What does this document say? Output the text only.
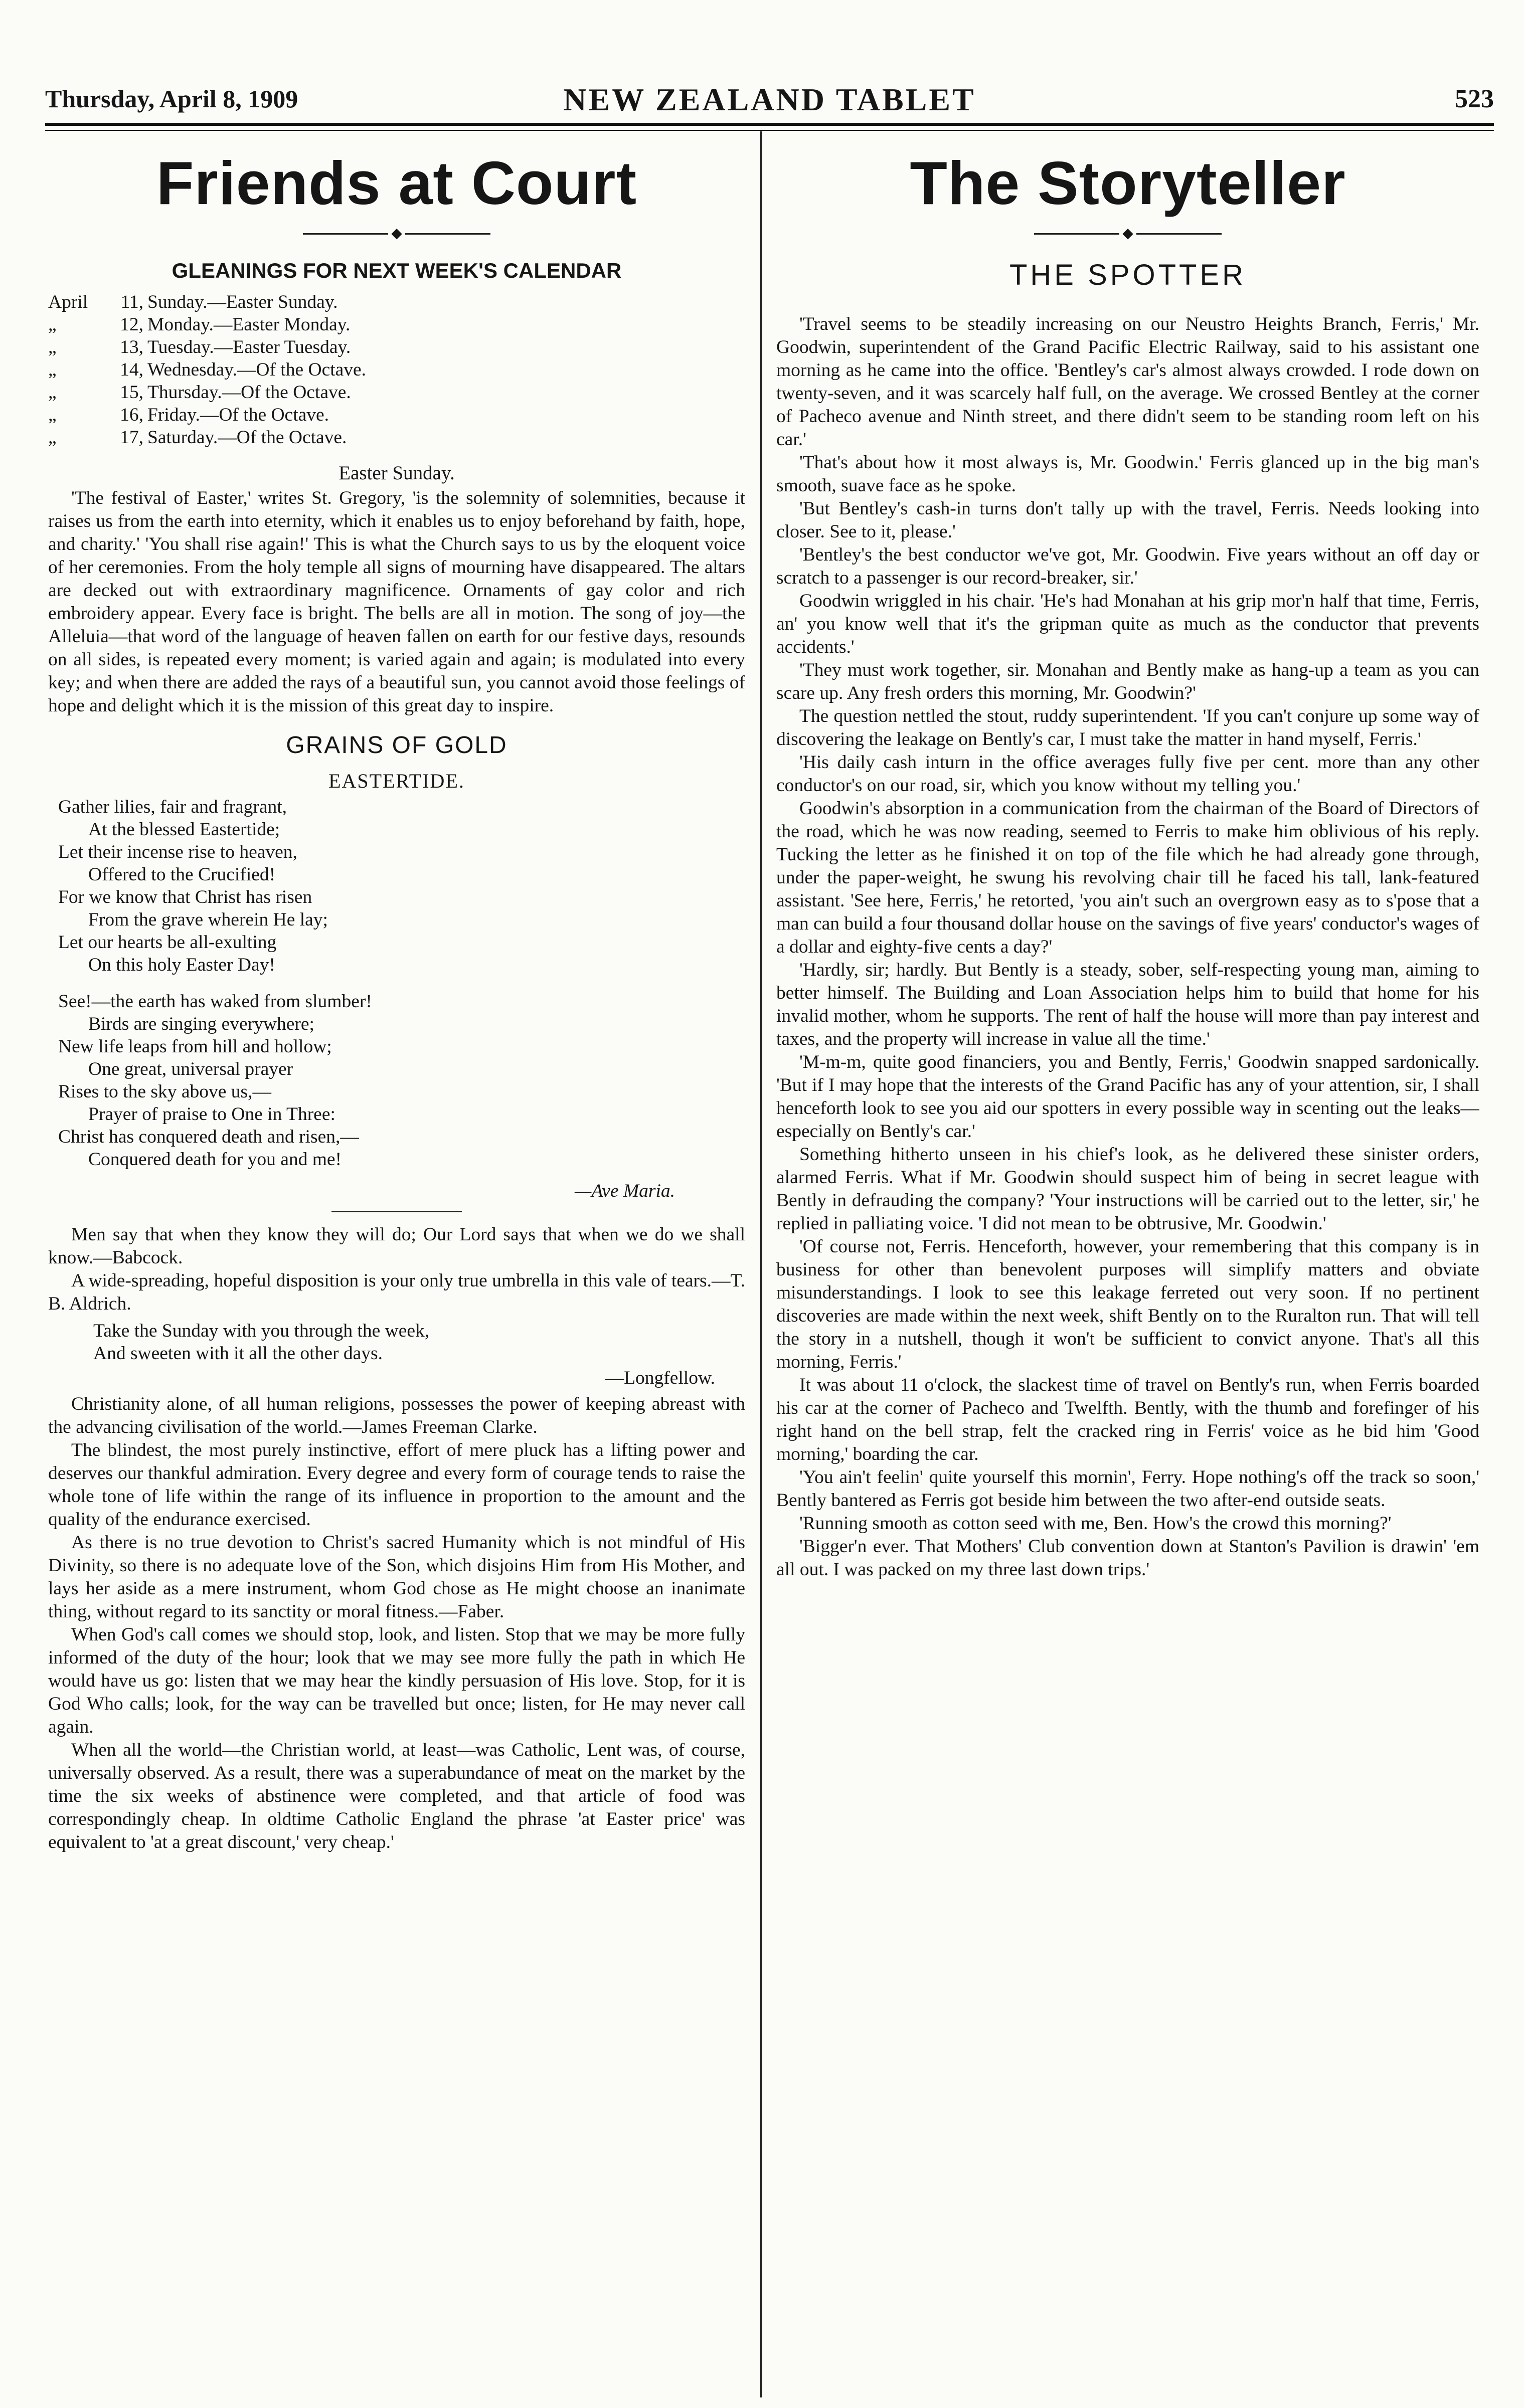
Thursday, April 8, 1909	NEW ZEALAND TABLET	523
Friends at Court
◆
GLEANINGS FOR NEXT WEEK'S CALENDAR
April 11, Sunday.—Easter Sunday.
„	12, Monday.—Easter Monday.
„	13, Tuesday.—Easter Tuesday.
„	14, Wednesday.—Of the Octave.
„	15, Thursday.—Of the Octave.
„	16, Friday.—Of the Octave.
„	17, Saturday.—Of the Octave.
Easter Sunday.

'The festival of Easter,' writes St. Gregory, 'is the solemnity of solemnities, because it raises us from the earth into eternity, which it enables us to enjoy beforehand by faith, hope, and charity.' 'You shall rise again!' This is what the Church says to us by the eloquent voice of her ceremonies. From the holy temple all signs of mourning have disappeared. The altars are decked out with extraordinary magnificence. Ornaments of gay color and rich embroidery appear. Every face is bright. The bells are all in motion. The song of joy—the Alleluia—that word of the language of heaven fallen on earth for our festive days, resounds on all sides, is repeated every moment; is varied again and again; is modulated into every key; and when there are added the rays of a beautiful sun, you cannot avoid those feelings of hope and delight which it is the mission of this great day to inspire.

GRAINS OF GOLD
EASTERTIDE.
Gather lilies, fair and fragrant,
At the blessed Eastertide;
Let their incense rise to heaven,
Offered to the Crucified!
For we know that Christ has risen
From the grave wherein He lay;
Let our hearts be all-exulting
On this holy Easter Day!
See!—the earth has waked from slumber!
Birds are singing everywhere;
New life leaps from hill and hollow;
One great, universal prayer
Rises to the sky above us,—
Prayer of praise to One in Three:
Christ has conquered death and risen,—
Conquered death for you and me!
—Ave Maria.

Men say that when they know they will do; Our Lord says that when we do we shall know.—Babcock.

A wide-spreading, hopeful disposition is your only true umbrella in this vale of tears.—T. B. Aldrich.

Take the Sunday with you through the week,
And sweeten with it all the other days.
—Longfellow.

Christianity alone, of all human religions, possesses the power of keeping abreast with the advancing civilisation of the world.—James Freeman Clarke.

The blindest, the most purely instinctive, effort of mere pluck has a lifting power and deserves our thankful admiration. Every degree and every form of courage tends to raise the whole tone of life within the range of its influence in proportion to the amount and the quality of the endurance exercised.

As there is no true devotion to Christ's sacred Humanity which is not mindful of His Divinity, so there is no adequate love of the Son, which disjoins Him from His Mother, and lays her aside as a mere instrument, whom God chose as He might choose an inanimate thing, without regard to its sanctity or moral fitness.—Faber.

When God's call comes we should stop, look, and listen. Stop that we may be more fully informed of the duty of the hour; look that we may see more fully the path in which He would have us go: listen that we may hear the kindly persuasion of His love. Stop, for it is God Who calls; look, for the way can be travelled but once; listen, for He may never call again.

When all the world—the Christian world, at least—was Catholic, Lent was, of course, universally observed. As a result, there was a superabundance of meat on the market by the time the six weeks of abstinence were completed, and that article of food was correspondingly cheap. In oldtime Catholic England the phrase 'at Easter price' was equivalent to 'at a great discount,' very cheap.'

The Storyteller
◆
THE SPOTTER

'Travel seems to be steadily increasing on our Neustro Heights Branch, Ferris,' Mr. Goodwin, superintendent of the Grand Pacific Electric Railway, said to his assistant one morning as he came into the office. 'Bentley's car's almost always crowded. I rode down on twenty-seven, and it was scarcely half full, on the average. We crossed Bentley at the corner of Pacheco avenue and Ninth street, and there didn't seem to be standing room left on his car.'

'That's about how it most always is, Mr. Goodwin.' Ferris glanced up in the big man's smooth, suave face as he spoke.

'But Bentley's cash-in turns don't tally up with the travel, Ferris. Needs looking into closer. See to it, please.'

'Bentley's the best conductor we've got, Mr. Goodwin. Five years without an off day or scratch to a passenger is our record-breaker, sir.'

Goodwin wriggled in his chair. 'He's had Monahan at his grip mor'n half that time, Ferris, an' you know well that it's the gripman quite as much as the conductor that prevents accidents.'

'They must work together, sir. Monahan and Bently make as hang-up a team as you can scare up. Any fresh orders this morning, Mr. Goodwin?'

The question nettled the stout, ruddy superintendent. 'If you can't conjure up some way of discovering the leakage on Bently's car, I must take the matter in hand myself, Ferris.'

'His daily cash inturn in the office averages fully five per cent. more than any other conductor's on our road, sir, which you know without my telling you.'

Goodwin's absorption in a communication from the chairman of the Board of Directors of the road, which he was now reading, seemed to Ferris to make him oblivious of his reply. Tucking the letter as he finished it on top of the file which he had already gone through, under the paper-weight, he swung his revolving chair till he faced his tall, lank-featured assistant. 'See here, Ferris,' he retorted, 'you ain't such an overgrown easy as to s'pose that a man can build a four thousand dollar house on the savings of five years' conductor's wages of a dollar and eighty-five cents a day?'

'Hardly, sir; hardly. But Bently is a steady, sober, self-respecting young man, aiming to better himself. The Building and Loan Association helps him to build that home for his invalid mother, whom he supports. The rent of half the house will more than pay interest and taxes, and the property will increase in value all the time.'

'M-m-m, quite good financiers, you and Bently, Ferris,' Goodwin snapped sardonically. 'But if I may hope that the interests of the Grand Pacific has any of your attention, sir, I shall henceforth look to see you aid our spotters in every possible way in scenting out the leaks—especially on Bently's car.'

Something hitherto unseen in his chief's look, as he delivered these sinister orders, alarmed Ferris. What if Mr. Goodwin should suspect him of being in secret league with Bently in defrauding the company? 'Your instructions will be carried out to the letter, sir,' he replied in palliating voice. 'I did not mean to be obtrusive, Mr. Goodwin.'

'Of course not, Ferris. Henceforth, however, your remembering that this company is in business for other than benevolent purposes will simplify matters and obviate misunderstandings. I look to see this leakage ferreted out very soon. If no pertinent discoveries are made within the next week, shift Bently on to the Ruralton run. That will tell the story in a nutshell, though it won't be sufficient to convict anyone. That's all this morning, Ferris.'

It was about 11 o'clock, the slackest time of travel on Bently's run, when Ferris boarded his car at the corner of Pacheco and Twelfth. Bently, with the thumb and forefinger of his right hand on the bell strap, felt the cracked ring in Ferris' voice as he bid him 'Good morning,' boarding the car.

'You ain't feelin' quite yourself this mornin', Ferry. Hope nothing's off the track so soon,' Bently bantered as Ferris got beside him between the two after-end outside seats.

'Running smooth as cotton seed with me, Ben. How's the crowd this morning?'

'Bigger'n ever. That Mothers' Club convention down at Stanton's Pavilion is drawin' 'em all out. I was packed on my three last down trips.'
